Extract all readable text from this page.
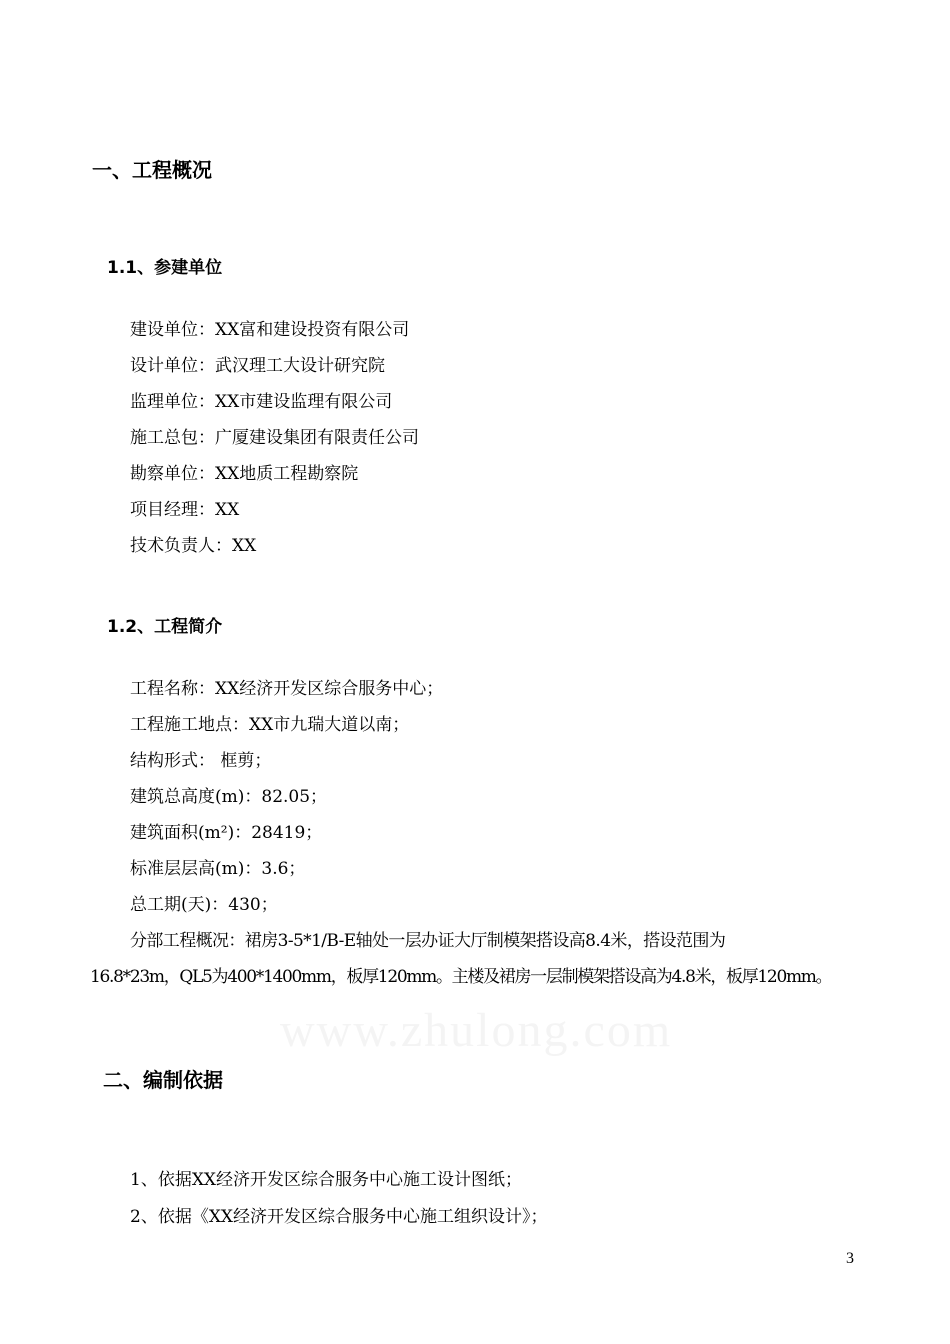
www.zhulong.com
一、工程概况
1.1、参建单位
建设单位：XX富和建设投资有限公司
设计单位：武汉理工大设计研究院
监理单位：XX市建设监理有限公司
施工总包：广厦建设集团有限责任公司
勘察单位：XX地质工程勘察院
项目经理：XX
技术负责人：XX
1.2、工程简介
工程名称：XX经济开发区综合服务中心；
工程施工地点：XX市九瑞大道以南；
结构形式： 框剪；
建筑总高度(m)：82.05；
建筑面积(m²)：28419；
标准层层高(m)：3.6；
总工期(天)：430；
分部工程概况：裙房3-5*1/B-E轴处一层办证大厅制模架搭设高8.4米，搭设范围为
16.8*23m，QL5为400*1400mm，板厚120mm。主楼及裙房一层制模架搭设高为4.8米，板厚120mm。
二、编制依据
1、依据XX经济开发区综合服务中心施工设计图纸；
2、依据《XX经济开发区综合服务中心施工组织设计》；
3
